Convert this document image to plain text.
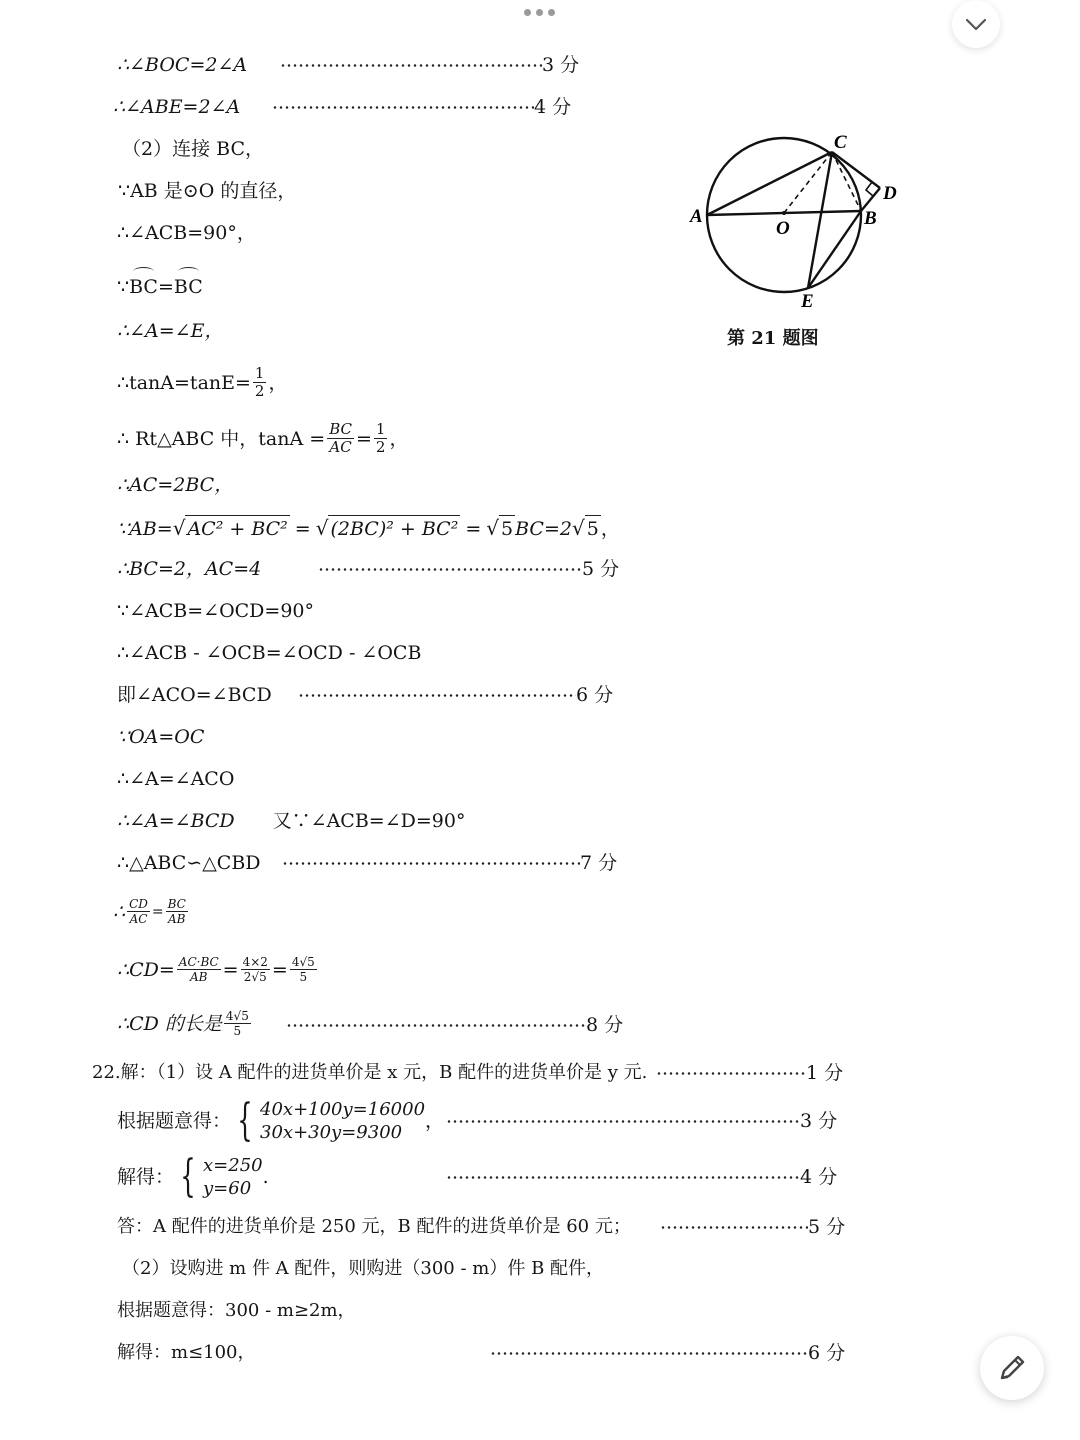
∴∠BOC=2∠A	3 分
∴∠ABE=2∠A	4 分
（2）连接 BC，
∵AB 是⊙O 的直径，
∴∠ACB=90°，
∵ BC = BC
∴∠A=∠E，
∴tanA=tanE= $\frac{1}{2}$ ，
∴ Rt△ABC 中，$\tan A = \frac{BC}{AC} = \frac{1}{2}$ ，
∴AC=2BC，
∵AB= √ AC² + BC² = √ (2BC)² + BC² = √ 5 BC=2 √ 5 ，
∴BC=2，AC=4	5 分
∵∠ACB=∠OCD=90°
∴∠ACB - ∠OCB=∠OCD - ∠OCB
即∠ACO=∠BCD	6 分
∵OA=OC
∴∠A=∠ACO
∴∠A=∠BCD 又∵∠ACB=∠D=90°
∴△ABC∽△CBD	7 分
∴ $\frac{CD}{AC} = \frac{BC}{AB}$
∴CD= $\frac{AC\cdot BC}{AB} = \frac{4\times 2}{2√5} = \frac{4√5}{5}$
∴CD 的长是 $\frac{4√5}{5}$	8 分
22.解：（1）设 A 配件的进货单价是 x 元，B 配件的进货单价是 y 元.	1 分
根据题意得： { 40x+100y=16000
30x+30y=9300
，	3 分
解得： { x=250
y=60
.	4 分
答：A 配件的进货单价是 250 元，B 配件的进货单价是 60 元；	5 分
（2）设购进 m 件 A 配件，则购进（300 - m）件 B 配件，
根据题意得：300 - m≥2m，
解得：m≤100，	6 分
A	B
C
D
E
O
第 21 题图
